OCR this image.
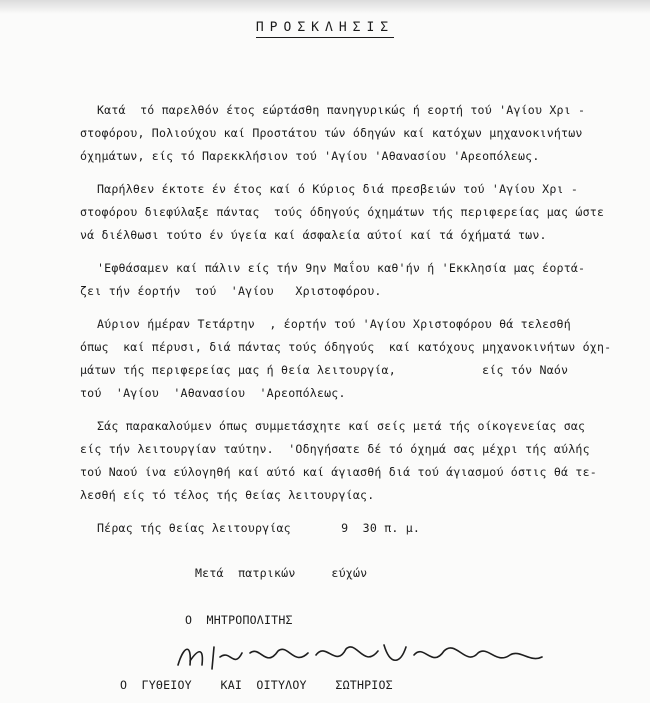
ΠΡΟΣΚΛΗΣΙΣ
Κατά  τό παρελθόν έτος εώρτάσθη πανηγυρικώς ή εορτή τού 'Αγίου Χρι -
στοφόρου, Πολιούχου καί Προστάτου τών όδηγών καί κατόχων μηχανοκινήτων
όχημάτων, είς τό Παρεκκλήσιον τού 'Αγίου 'Αθανασίου 'Αρεοπόλεως.
Παρήλθεν έκτοτε έν έτος καί ό Κύριος διά πρεσβειών τού 'Αγίου Χρι -
στοφόρου διεφύλαξε πάντας  τούς όδηγούς όχημάτων τής περιφερείας μας ώστε
νά διέλθωσι τούτο έν ύγεία καί άσφαλεία αύτοί καί τά όχήματά των.
'Εφθάσαμεν καί πάλιν είς τήν 9ην Μαΐου καθ'ήν ή 'Εκκλησία μας έορτά-
ζει τήν έορτήν  τού  'Αγίου   Χριστοφόρου.
Αύριον ήμέραν Τετάρτην  , έορτήν τού 'Αγίου Χριστοφόρου θά τελεσθή
όπως  καί πέρυσι, διά πάντας τούς όδηγούς  καί κατόχους μηχανοκινήτων όχη-
μάτων τής περιφερείας μας ή θεία λειτουργία,            είς τόν Ναόν
τού  'Αγίου  'Αθανασίου  'Αρεοπόλεως.
Σάς παρακαλούμεν όπως συμμετάσχητε καί σείς μετά τής οίκογενείας σας
είς τήν λειτουργίαν ταύτην.  'Οδηγήσατε δέ τό όχημά σας μέχρι τής αύλής
τού Ναού ίνα εύλογηθή καί αύτό καί άγιασθή διά τού άγιασμού όστις θά τε-
λεσθή είς τό τέλος τής θείας λειτουργίας.
Πέρας τής θείας λειτουργίας       9  30 π. μ.
Μετά  πατρικών     εύχών
Ο  ΜΗΤΡΟΠΟΛΙΤΗΣ
Ο  ΓΥΘΕΙΟΥ    ΚΑΙ  ΟΙΤΥΛΟΥ    ΣΩΤΗΡΙΟΣ
